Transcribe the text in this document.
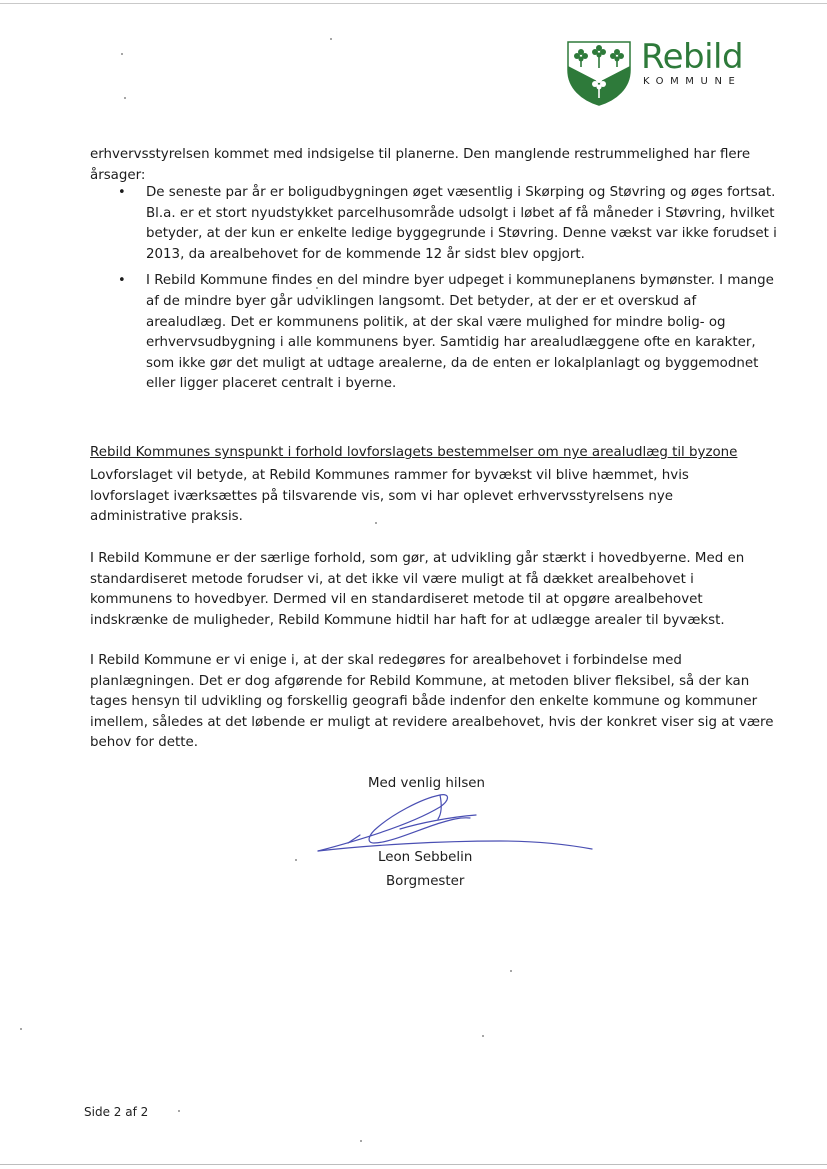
Rebild
KOMMUNE

erhvervsstyrelsen kommet med indsigelse til planerne. Den manglende restrummelighed har flere årsager:

• De seneste par år er boligudbygningen øget væsentlig i Skørping og Støvring og øges fortsat. Bl.a. er et stort nyudstykket parcelhusområde udsolgt i løbet af få måneder i Støvring, hvilket betyder, at der kun er enkelte ledige byggegrunde i Støvring. Denne vækst var ikke forudset i 2013, da arealbehovet for de kommende 12 år sidst blev opgjort.
• I Rebild Kommune findes en del mindre byer udpeget i kommuneplanens bymønster. I mange af de mindre byer går udviklingen langsomt. Det betyder, at der er et overskud af arealudlæg. Det er kommunens politik, at der skal være mulighed for mindre bolig- og erhvervsudbygning i alle kommunens byer. Samtidig har arealudlæggene ofte en karakter, som ikke gør det muligt at udtage arealerne, da de enten er lokalplanlagt og byggemodnet eller ligger placeret centralt i byerne.
Rebild Kommunes synspunkt i forhold lovforslagets bestemmelser om nye arealudlæg til byzone

Lovforslaget vil betyde, at Rebild Kommunes rammer for byvækst vil blive hæmmet, hvis lovforslaget iværksættes på tilsvarende vis, som vi har oplevet erhvervsstyrelsens nye administrative praksis.

I Rebild Kommune er der særlige forhold, som gør, at udvikling går stærkt i hovedbyerne. Med en standardiseret metode forudser vi, at det ikke vil være muligt at få dækket arealbehovet i kommunens to hovedbyer. Dermed vil en standardiseret metode til at opgøre arealbehovet indskrænke de muligheder, Rebild Kommune hidtil har haft for at udlægge arealer til byvækst.

I Rebild Kommune er vi enige i, at der skal redegøres for arealbehovet i forbindelse med planlægningen. Det er dog afgørende for Rebild Kommune, at metoden bliver fleksibel, så der kan tages hensyn til udvikling og forskellig geografi både indenfor den enkelte kommune og kommuner imellem, således at det løbende er muligt at revidere arealbehovet, hvis der konkret viser sig at være behov for dette.

Med venlig hilsen
Leon Sebbelin
Borgmester
Side 2 af 2
